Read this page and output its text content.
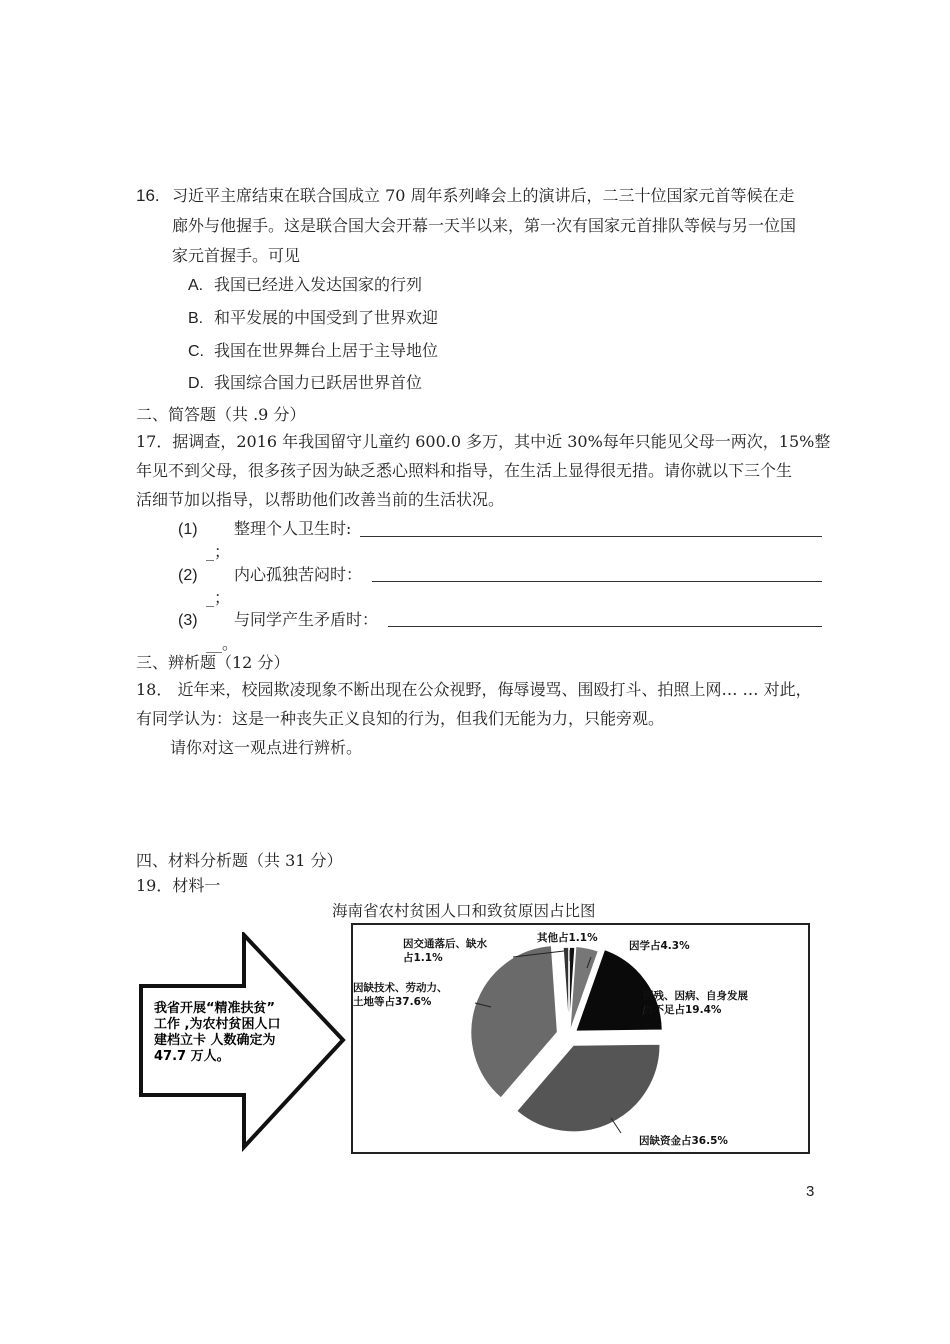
16. 习近平主席结束在联合国成立 70 周年系列峰会上的演讲后，二三十位国家元首等候在走
廊外与他握手。这是联合国大会开幕一天半以来，第一次有国家元首排队等候与另一位国
家元首握手。可见
A. 我国已经进入发达国家的行列
B. 和平发展的中国受到了世界欢迎
C. 我国在世界舞台上居于主导地位
D. 我国综合国力已跃居世界首位
二、简答题（共 .9 分）
17．据调查，2016 年我国留守儿童约 600.0 多万，其中近 30%每年只能见父母一两次，15%整
年见不到父母，很多孩子因为缺乏悉心照料和指导，在生活上显得很无措。请你就以下三个生
活细节加以指导，以帮助他们改善当前的生活状况。
(1) 整理个人卫生时:
_；
(2) 内心孤独苦闷时：
_；
(3) 与同学产生矛盾时：
__。
三、辨析题（12 分）
18． 近年来，校园欺凌现象不断出现在公众视野，侮辱谩骂、围殴打斗、拍照上网… … 对此，
有同学认为：这是一种丧失正义良知的行为，但我们无能为力，只能旁观。
请你对这一观点进行辨析。
四、材料分析题（共 31 分）
19．材料一
海南省农村贫困人口和致贫原因占比图
我省开展“精准扶贫”
工作 ,为农村贫困人口
建档立卡 人数确定为
47.7 万人。
其他占1.1%
因学占4.3%
因残、因病、自身发展力不足占19.4%
因缺资金占36.5%
因缺技术、劳动力、土地等占37.6%
因交通落后、缺水占1.1%
3
